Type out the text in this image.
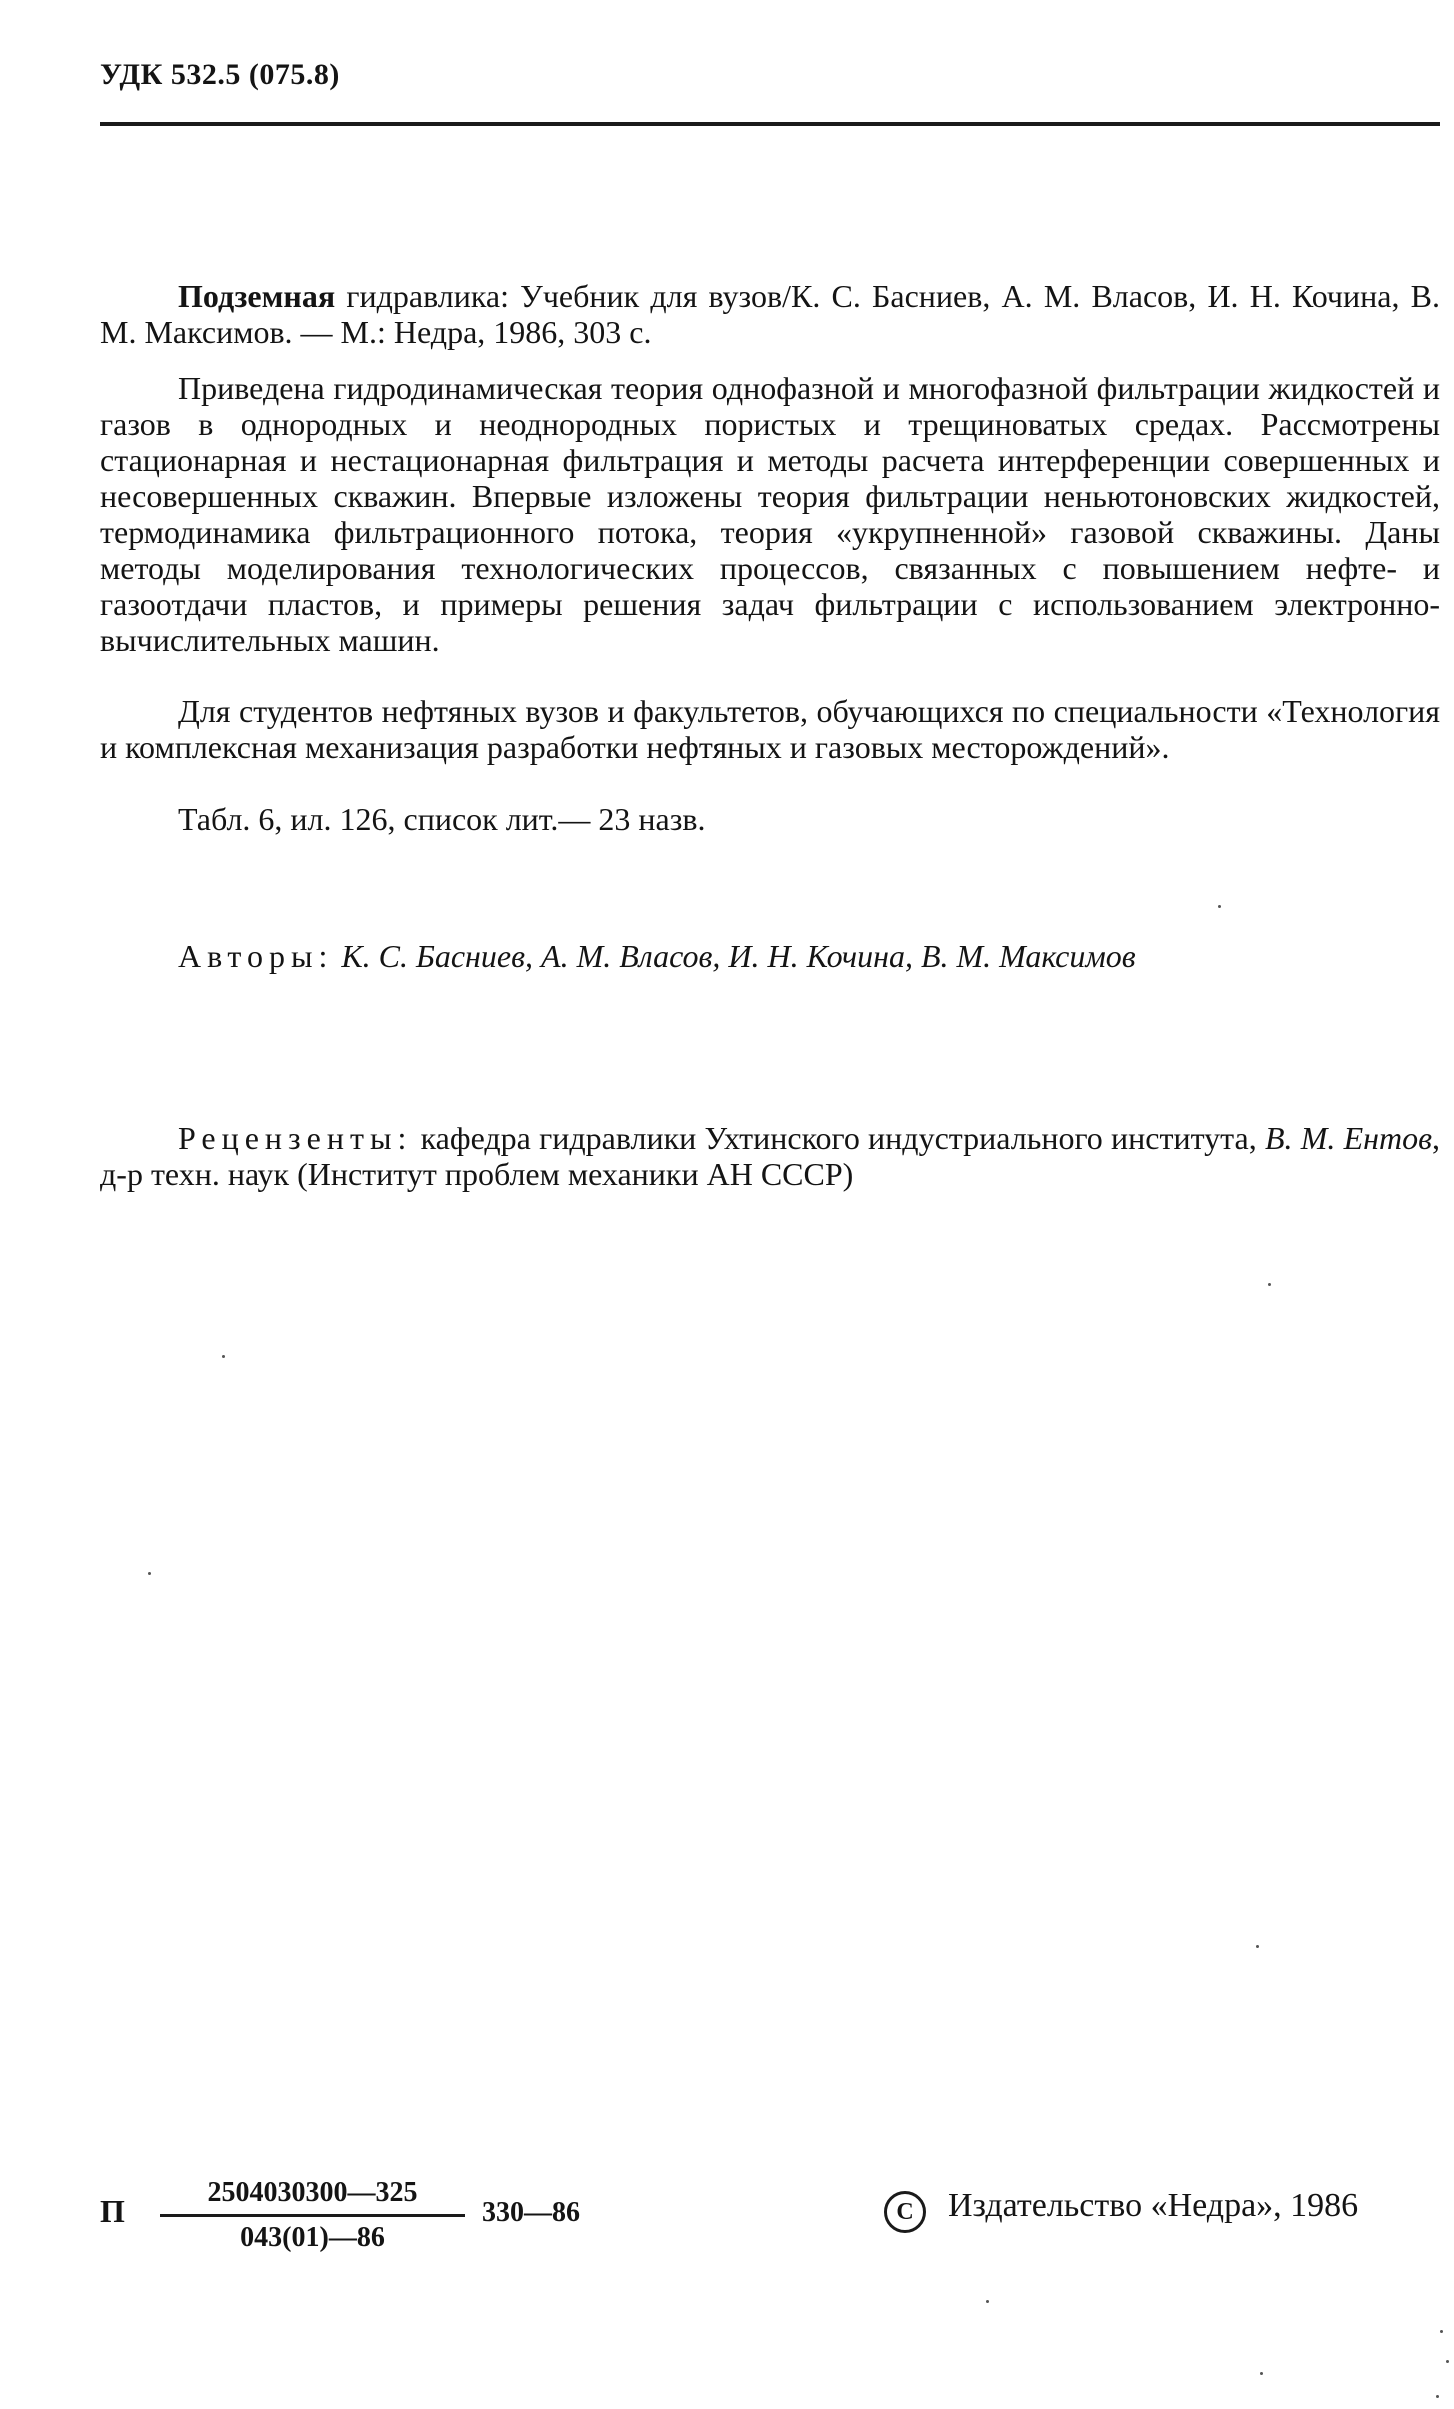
УДК 532.5 (075.8)
Подземная гидравлика: Учебник для вузов/К. С. Басниев, А. М. Власов, И. Н. Кочина, В. М. Максимов. — М.: Недра, 1986, 303 с.
Приведена гидродинамическая теория однофазной и многофазной фильтрации жидкостей и газов в однородных и неоднородных пористых и трещиноватых средах. Рассмотрены стационарная и нестационарная фильтрация и методы расчета интерференции совершенных и несовершенных скважин. Впервые изложены теория фильтрации неньютоновских жидкостей, термодинамика фильтрационного потока, теория «укрупненной» газовой скважины. Даны методы моделирования технологических процессов, связанных с повышением нефте- и газоотдачи пластов, и примеры решения задач фильтрации с использованием электронно-вычислительных машин.
Для студентов нефтяных вузов и факультетов, обучающихся по специальности «Технология и комплексная механизация разработки нефтяных и газовых месторождений».
Табл. 6, ил. 126, список лит.— 23 назв.
Авторы: К. С. Басниев, А. М. Власов, И. Н. Кочина, В. М. Максимов
Рецензенты: кафедра гидравлики Ухтинского индустриального института, В. М. Ентов, д-р техн. наук (Институт проблем механики АН СССР)
П $\frac{2504030300—325}{043(01)—86}$ 330—86	C Издательство «Недра», 1986
